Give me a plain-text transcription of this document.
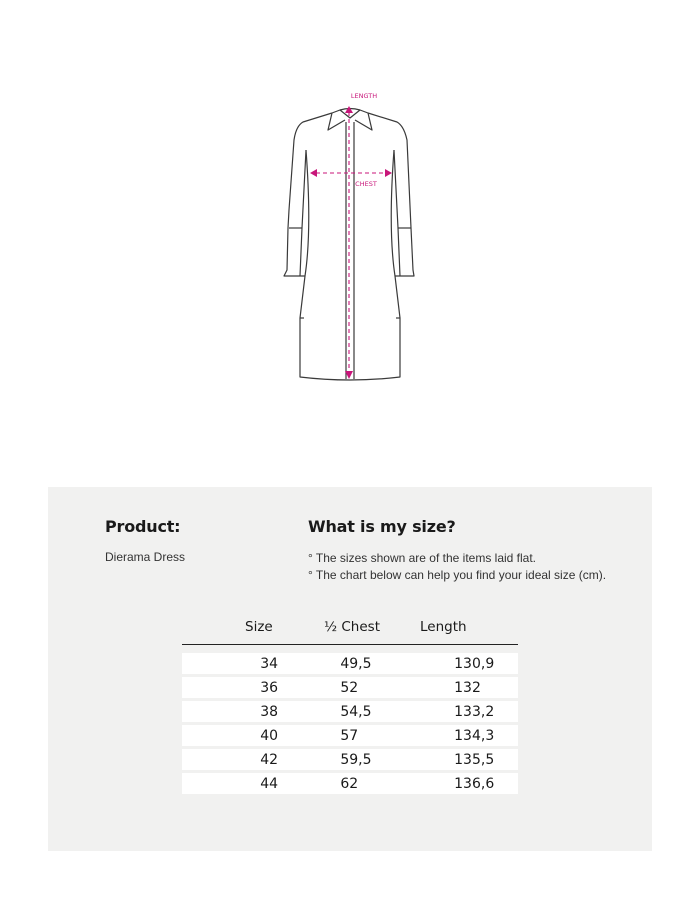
LENGTH
CHEST
Product:
Dierama Dress
What is my size?
° The sizes shown are of the items laid flat.
° The chart below can help you find your ideal size (cm).
Size	½ Chest	Length
34	49,5	130,9
36	52	132
38	54,5	133,2
40	57	134,3
42	59,5	135,5
44	62	136,6
